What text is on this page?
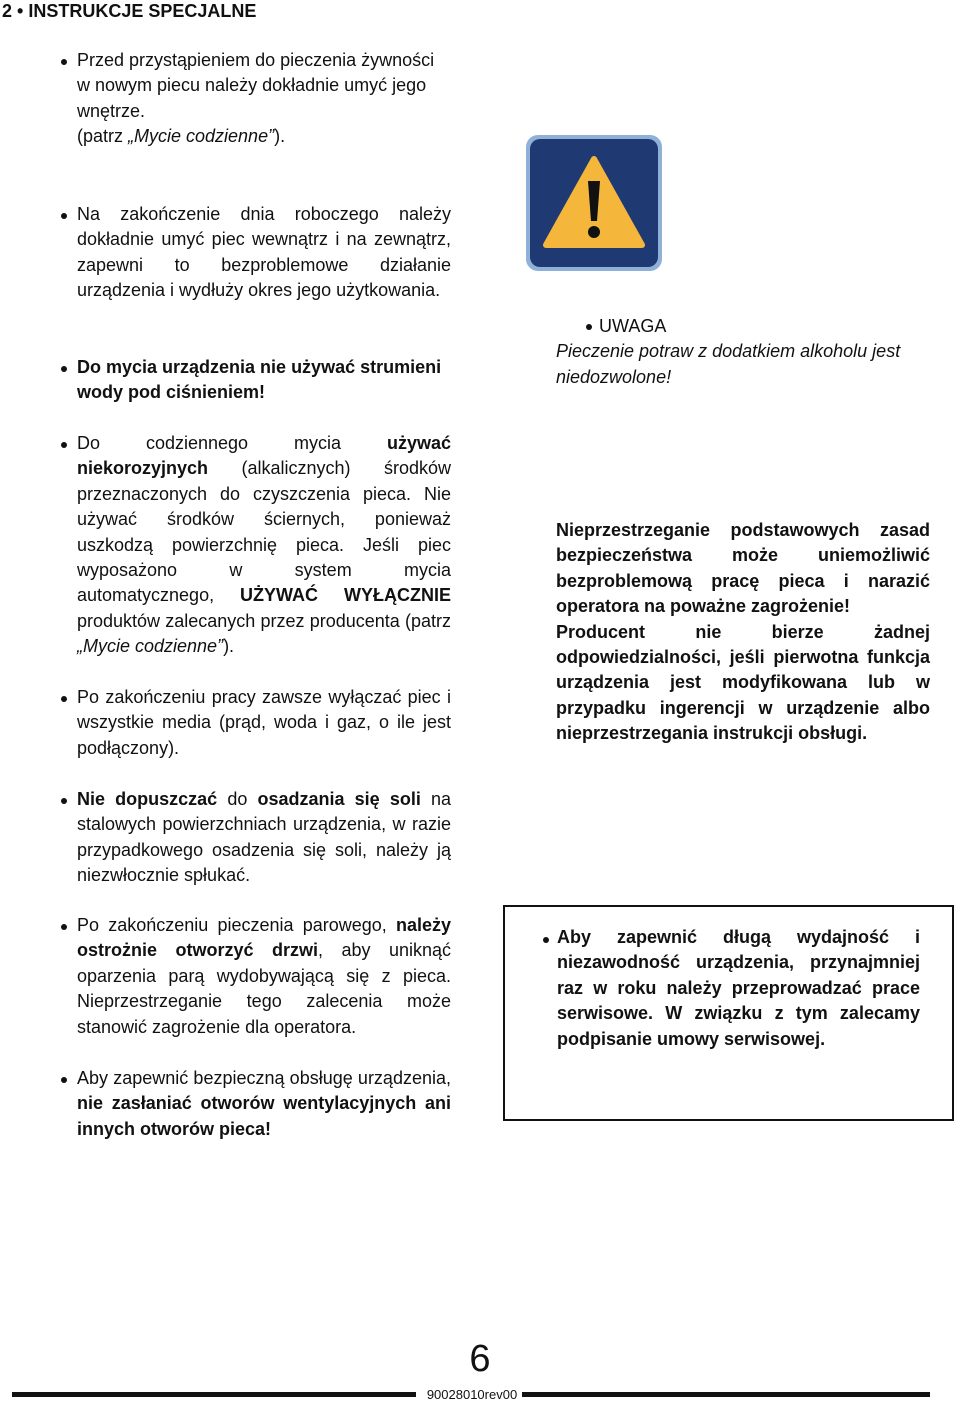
2 • INSTRUKCJE SPECJALNE
Przed przystąpieniem do pieczenia żywności
w nowym piecu należy dokładnie umyć jego
wnętrze.
(patrz „Mycie codzienne”).
Na zakończenie dnia roboczego należy dokładnie umyć piec wewnątrz i na zewnątrz, zapewni to bezproblemowe działanie urządzenia i wydłuży okres jego użytkowania.
Do mycia urządzenia nie używać strumieni wody pod ciśnieniem!
Do codziennego mycia używać niekorozyjnych (alkalicznych) środków przeznaczonych do czyszczenia pieca. Nie używać środków ściernych, ponieważ uszkodzą powierzchnię pieca. Jeśli piec wyposażono w system mycia automatycznego, UŻYWAĆ WYŁĄCZNIE produktów zalecanych przez producenta (patrz „Mycie codzienne”).
Po zakończeniu pracy zawsze wyłączać piec i wszystkie media (prąd, woda i gaz, o ile jest podłączony).
Nie dopuszczać do osadzania się soli na stalowych powierzchniach urządzenia, w razie przypadkowego osadzenia się soli, należy ją niezwłocznie spłukać.
Po zakończeniu pieczenia parowego, należy ostrożnie otworzyć drzwi, aby uniknąć oparzenia parą wydobywającą się z pieca. Nieprzestrzeganie tego zalecenia może stanowić zagrożenie dla operatora.
Aby zapewnić bezpieczną obsługę urządzenia, nie zasłaniać otworów wentylacyjnych ani innych otworów pieca!
UWAGA
Pieczenie potraw z dodatkiem alkoholu jest
niedozwolone!
Nieprzestrzeganie podstawowych zasad bezpieczeństwa może uniemożliwić bezproblemową pracę pieca i narazić operatora na poważne zagrożenie!
Producent nie bierze żadnej odpowiedzialności, jeśli pierwotna funkcja urządzenia jest modyfikowana lub w przypadku ingerencji w urządzenie albo nieprzestrzegania instrukcji obsługi.
Aby zapewnić długą wydajność i niezawodność urządzenia, przynajmniej raz w roku należy przeprowadzać prace serwisowe. W związku z tym zalecamy podpisanie umowy serwisowej.
6
90028010rev00
